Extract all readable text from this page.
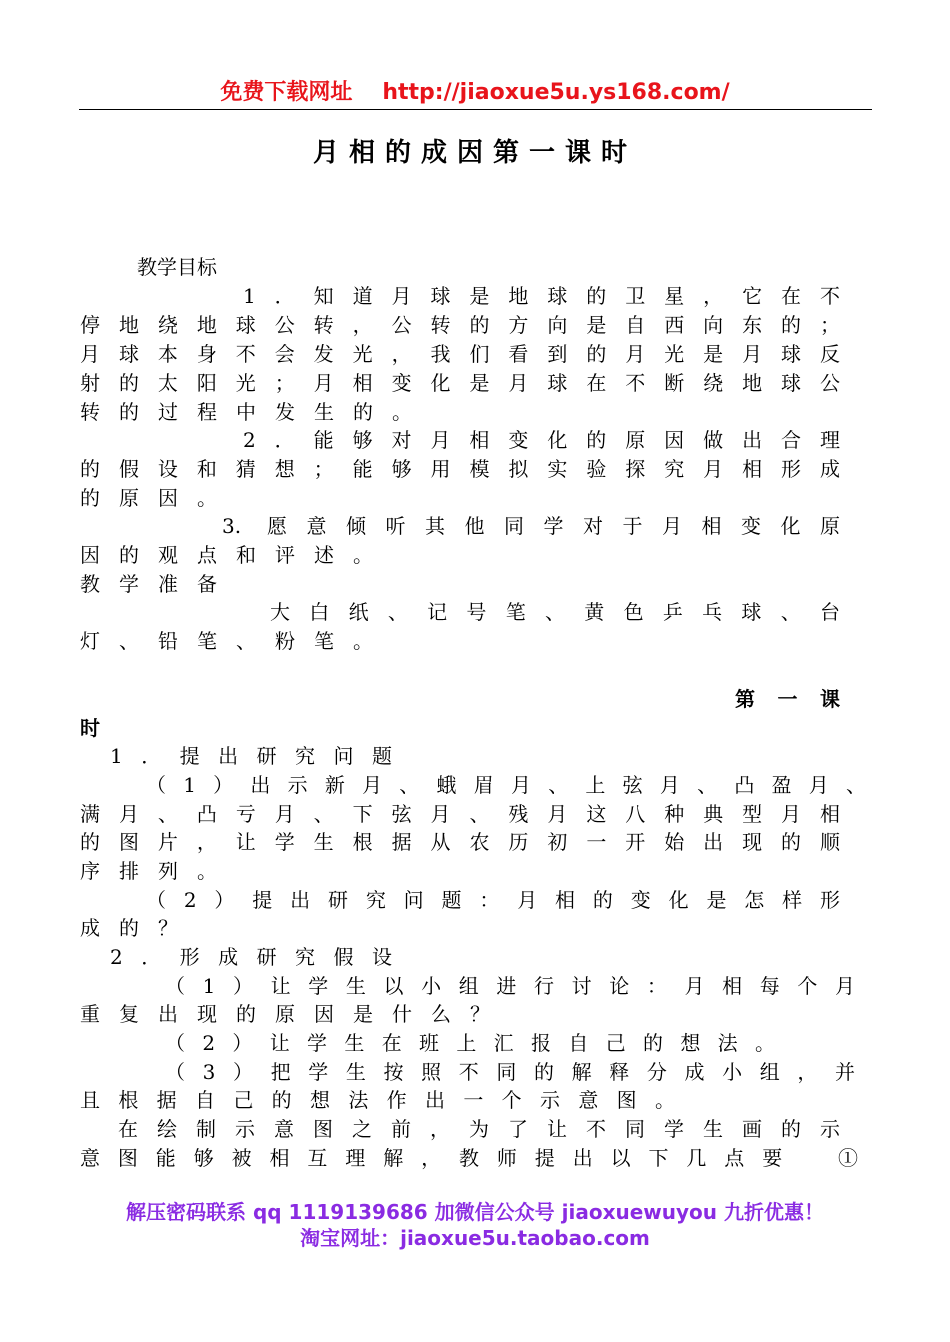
免费下载网址 http://jiaoxue5u.ys168.com/
月相的成因第一课时
教学目标
1．知道月球是地球的卫星，它在不
停地绕地球公转，公转的方向是自西向东的；
月球本身不会发光，我们看到的月光是月球反
射的太阳光；月相变化是月球在不断绕地球公
转的过程中发生的。
2．能够对月相变化的原因做出合理
的假设和猜想；能够用模拟实验探究月相形成
的原因。
3. 愿意倾听其他同学对于月相变化原
因的观点和评述。
教学准备
大白纸、记号笔、黄色乒乓球、台
灯、铅笔、粉笔。
第一课
时
1．提出研究问题
（1）出示新月、蛾眉月、上弦月、凸盈月、
满月、凸亏月、下弦月、残月这八种典型月相
的图片，让学生根据从农历初一开始出现的顺
序排列。
（2）提出研究问题：月相的变化是怎样形
成的？
2．形成研究假设
（1）让学生以小组进行讨论：月相每个月
重复出现的原因是什么？
（2）让学生在班上汇报自己的想法。
（3）把学生按照不同的解释分成小组，并
且根据自己的想法作出一个示意图。
在绘制示意图之前，为了让不同学生画的示
意图能够被相互理解，教师提出以下几点要　①
解压密码联系 qq 1119139686 加微信公众号 jiaoxuewuyou 九折优惠！
淘宝网址：jiaoxue5u.taobao.com
